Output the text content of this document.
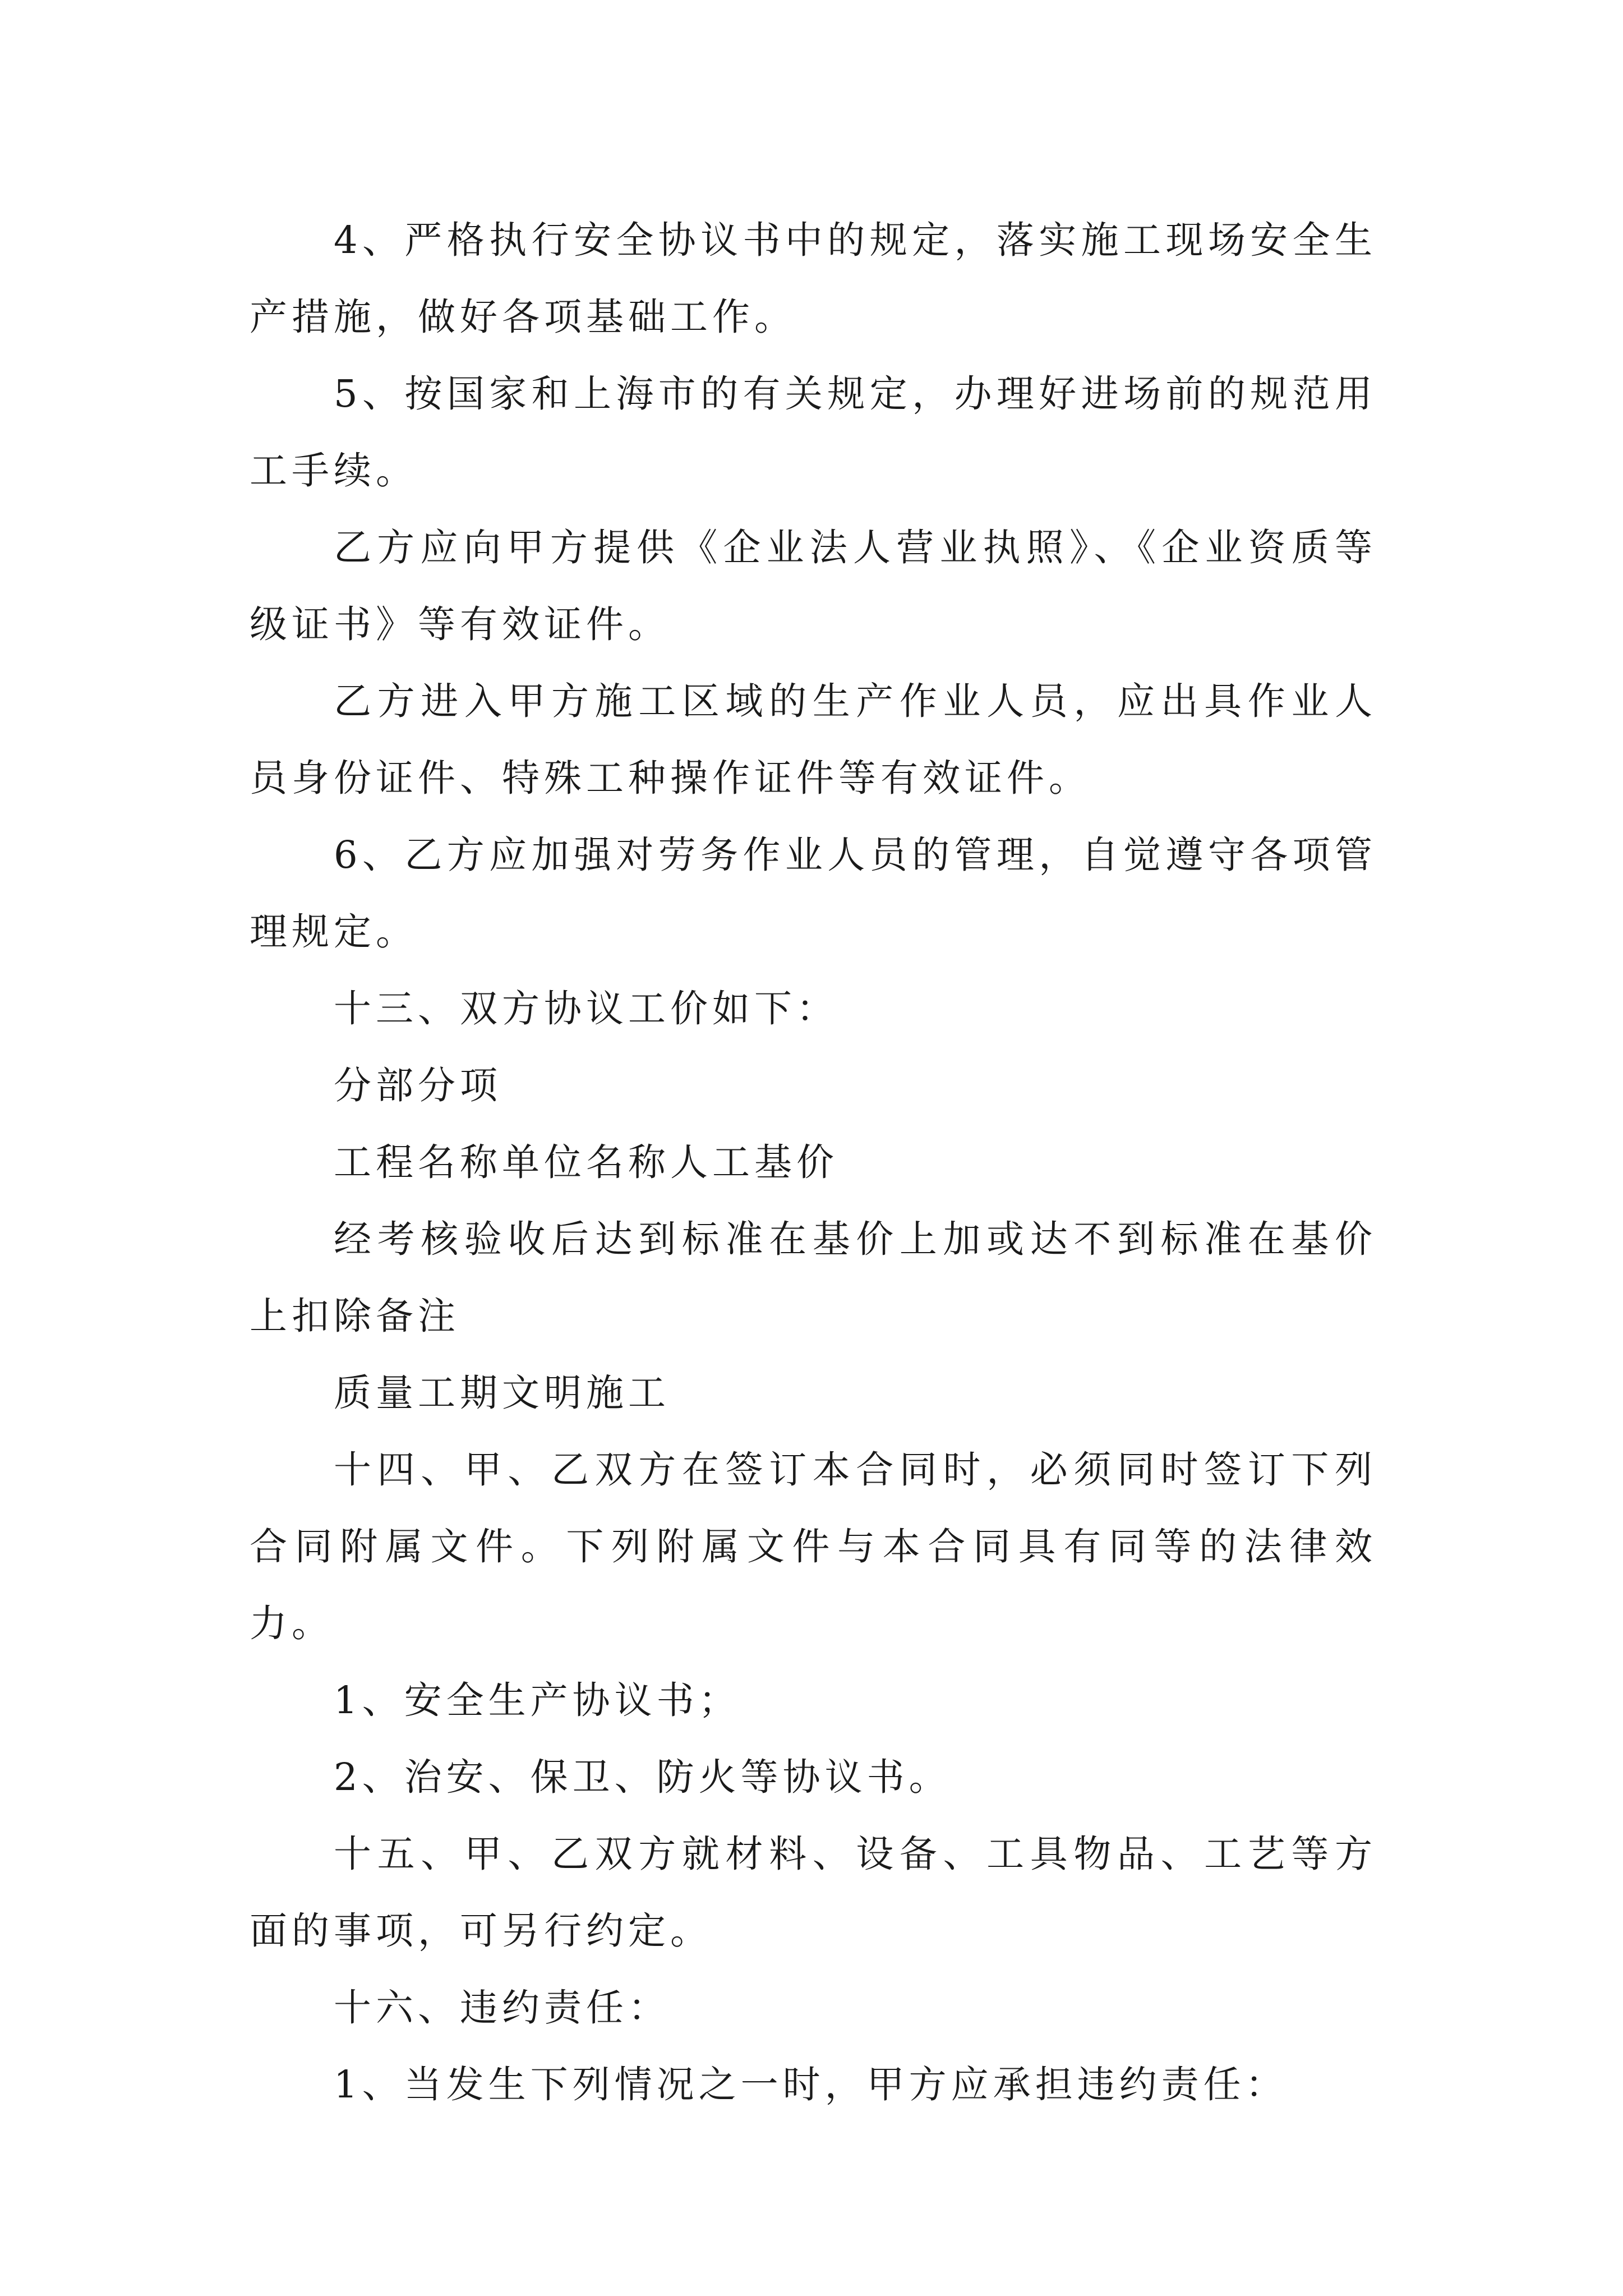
4、严格执行安全协议书中的规定，落实施工现场安全生产措施，做好各项基础工作。

5、按国家和上海市的有关规定，办理好进场前的规范用工手续。

乙方应向甲方提供《企业法人营业执照》、《企业资质等级证书》等有效证件。

乙方进入甲方施工区域的生产作业人员，应出具作业人员身份证件、特殊工种操作证件等有效证件。

6、乙方应加强对劳务作业人员的管理，自觉遵守各项管理规定。

十三、双方协议工价如下：

分部分项

工程名称单位名称人工基价

经考核验收后达到标准在基价上加或达不到标准在基价上扣除备注

质量工期文明施工

十四、甲、乙双方在签订本合同时，必须同时签订下列合同附属文件。下列附属文件与本合同具有同等的法律效力。

1、安全生产协议书；

2、治安、保卫、防火等协议书。

十五、甲、乙双方就材料、设备、工具物品、工艺等方面的事项，可另行约定。

十六、违约责任：

1、当发生下列情况之一时，甲方应承担违约责任：
